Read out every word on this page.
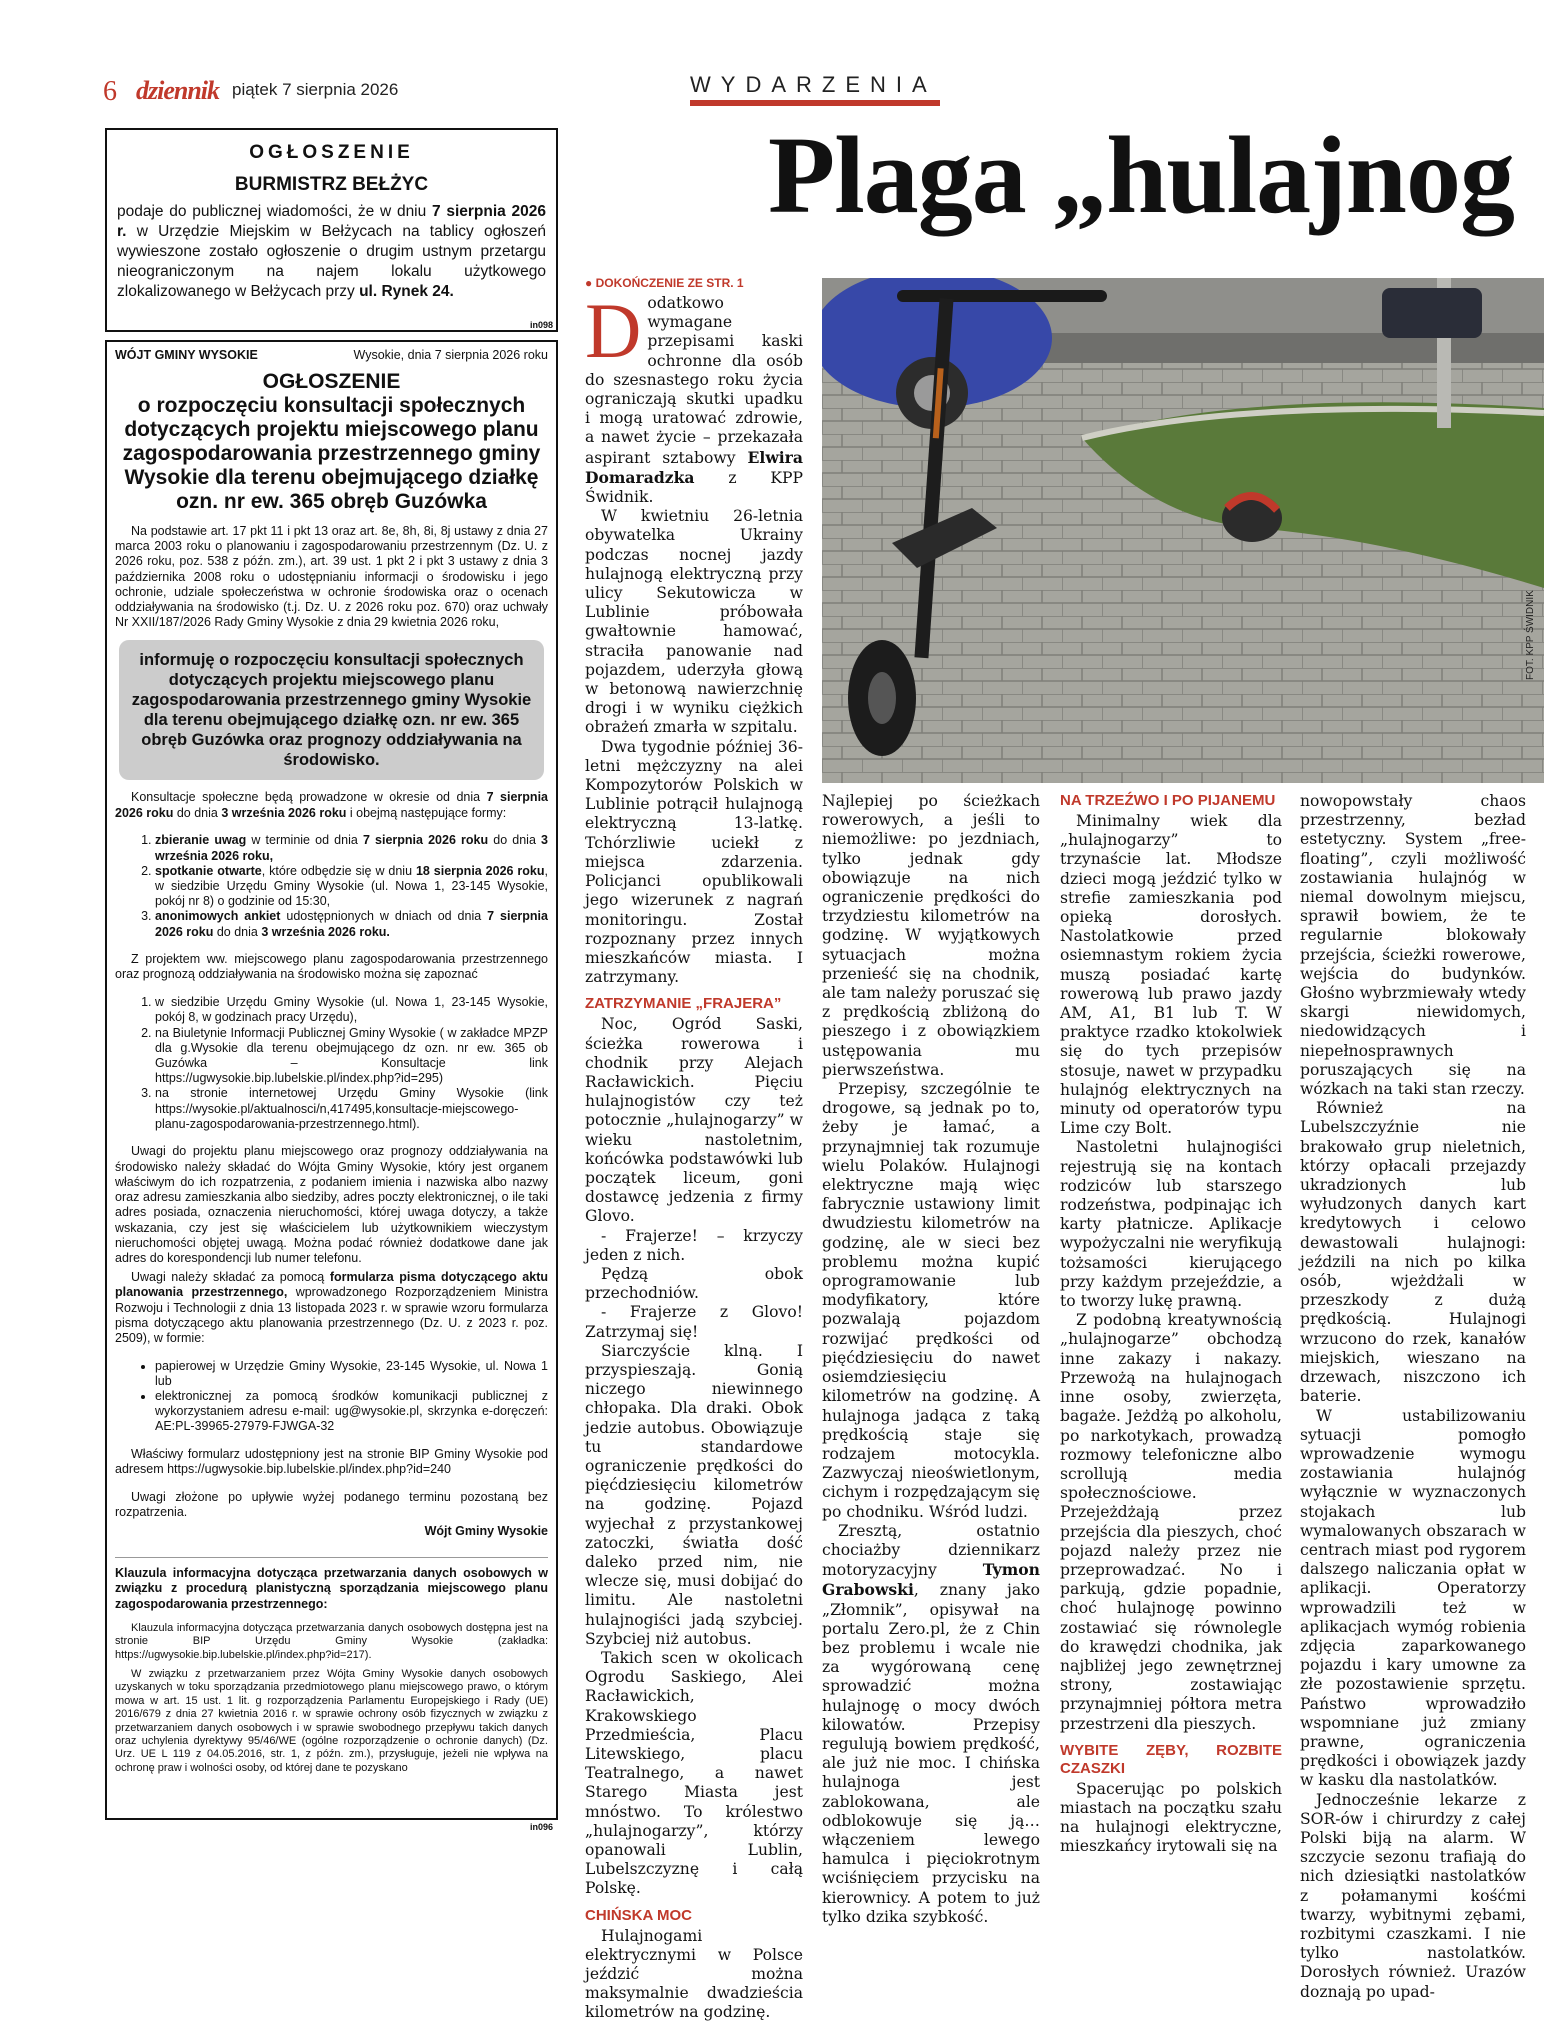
6 dziennik piątek 7 sierpnia 2026	WYDARZENIA
Plaga „hulajnog
OGŁOSZENIE
BURMISTRZ BEŁŻYC
podaje do publicznej wiadomości, że w dniu 7 sierpnia 2026 r. w Urzędzie Miejskim w Bełżycach na tablicy ogłoszeń wywieszone zostało ogłoszenie o drugim ustnym przetargu nieograniczonym na najem lokalu użytkowego zlokalizowanego w Bełżycach przy ul. Rynek 24.
in098
WÓJT GMINY WYSOKIE	Wysokie, dnia 7 sierpnia 2026 roku
OGŁOSZENIE
o rozpoczęciu konsultacji społecznych dotyczących projektu miejscowego planu zagospodarowania przestrzennego gminy Wysokie dla terenu obejmującego działkę ozn. nr ew. 365 obręb Guzówka

Na podstawie art. 17 pkt 11 i pkt 13 oraz art. 8e, 8h, 8i, 8j ustawy z dnia 27 marca 2003 roku o planowaniu i zagospodarowaniu przestrzennym (Dz. U. z 2026 roku, poz. 538 z późn. zm.), art. 39 ust. 1 pkt 2 i pkt 3 ustawy z dnia 3 października 2008 roku o udostępnianiu informacji o środowisku i jego ochronie, udziale społeczeństwa w ochronie środowiska oraz o ocenach oddziaływania na środowisko (t.j. Dz. U. z 2026 roku poz. 670) oraz uchwały Nr XXII/187/2026 Rady Gminy Wysokie z dnia 29 kwietnia 2026 roku,

informuję o rozpoczęciu konsultacji społecznych dotyczących projektu miejscowego planu zagospodarowania przestrzennego gminy Wysokie dla terenu obejmującego działkę ozn. nr ew. 365 obręb Guzówka oraz prognozy oddziaływania na środowisko.

Konsultacje społeczne będą prowadzone w okresie od dnia 7 sierpnia 2026 roku do dnia 3 września 2026 roku i obejmą następujące formy:

1. zbieranie uwag w terminie od dnia 7 sierpnia 2026 roku do dnia 3 września 2026 roku,
2. spotkanie otwarte, które odbędzie się w dniu 18 sierpnia 2026 roku, w siedzibie Urzędu Gminy Wysokie (ul. Nowa 1, 23-145 Wysokie, pokój nr 8) o godzinie od 15:30,
3. anonimowych ankiet udostępnionych w dniach od dnia 7 sierpnia 2026 roku do dnia 3 września 2026 roku.

Z projektem ww. miejscowego planu zagospodarowania przestrzennego oraz prognozą oddziaływania na środowisko można się zapoznać

1. w siedzibie Urzędu Gminy Wysokie (ul. Nowa 1, 23-145 Wysokie, pokój 8, w godzinach pracy Urzędu),
2. na Biuletynie Informacji Publicznej Gminy Wysokie ( w zakładce MPZP dla g.Wysokie dla terenu obejmującego dz ozn. nr ew. 365 ob Guzówka – Konsultacje link https://ugwysokie.bip.lubelskie.pl/index.php?id=295)
3. na stronie internetowej Urzędu Gminy Wysokie (link https://wysokie.pl/aktualnosci/n,417495,konsultacje-miejscowego-planu-zagospodarowania-przestrzennego.html).

Uwagi do projektu planu miejscowego oraz prognozy oddziaływania na środowisko należy składać do Wójta Gminy Wysokie, który jest organem właściwym do ich rozpatrzenia, z podaniem imienia i nazwiska albo nazwy oraz adresu zamieszkania albo siedziby, adres poczty elektronicznej, o ile taki adres posiada, oznaczenia nieruchomości, której uwaga dotyczy, a także wskazania, czy jest się właścicielem lub użytkownikiem wieczystym nieruchomości objętej uwagą. Można podać również dodatkowe dane jak adres do korespondencji lub numer telefonu.

Uwagi należy składać za pomocą formularza pisma dotyczącego aktu planowania przestrzennego, wprowadzonego Rozporządzeniem Ministra Rozwoju i Technologii z dnia 13 listopada 2023 r. w sprawie wzoru formularza pisma dotyczącego aktu planowania przestrzennego (Dz. U. z 2023 r. poz. 2509), w formie:

• papierowej w Urzędzie Gminy Wysokie, 23-145 Wysokie, ul. Nowa 1 lub
• elektronicznej za pomocą środków komunikacji publicznej z wykorzystaniem adresu e-mail: ug@wysokie.pl, skrzynka e-doręczeń: AE:PL-39965-27979-FJWGA-32

Właściwy formularz udostępniony jest na stronie BIP Gminy Wysokie pod adresem https://ugwysokie.bip.lubelskie.pl/index.php?id=240

Uwagi złożone po upływie wyżej podanego terminu pozostaną bez rozpatrzenia.

Wójt Gminy Wysokie

Klauzula informacyjna dotycząca przetwarzania danych osobowych w związku z procedurą planistyczną sporządzania miejscowego planu zagospodarowania przestrzennego:

Klauzula informacyjna dotycząca przetwarzania danych osobowych dostępna jest na stronie BIP Urzędu Gminy Wysokie (zakładka: https://ugwysokie.bip.lubelskie.pl/index.php?id=217).

W związku z przetwarzaniem przez Wójta Gminy Wysokie danych osobowych uzyskanych w toku sporządzania przedmiotowego planu miejscowego prawo, o którym mowa w art. 15 ust. 1 lit. g rozporządzenia Parlamentu Europejskiego i Rady (UE) 2016/679 z dnia 27 kwietnia 2016 r. w sprawie ochrony osób fizycznych w związku z przetwarzaniem danych osobowych i w sprawie swobodnego przepływu takich danych oraz uchylenia dyrektywy 95/46/WE (ogólne rozporządzenie o ochronie danych) (Dz. Urz. UE L 119 z 04.05.2016, str. 1, z późn. zm.), przysługuje, jeżeli nie wpływa na ochronę praw i wolności osoby, od której dane te pozyskano

in096
FOT. KPP ŚWIDNIK
● DOKOŃCZENIE ZE STR. 1

Dodatkowo wymagane przepisami kaski ochronne dla osób do szesnastego roku życia ograniczają skutki upadku i mogą uratować zdrowie, a nawet życie – przekazała aspirant sztabowy Elwira Domaradzka z KPP Świdnik.

W kwietniu 26-letnia obywatelka Ukrainy podczas nocnej jazdy hulajnogą elektryczną przy ulicy Sekutowicza w Lublinie próbowała gwałtownie hamować, straciła panowanie nad pojazdem, uderzyła głową w betonową nawierzchnię drogi i w wyniku ciężkich obrażeń zmarła w szpitalu.

Dwa tygodnie później 36-letni mężczyzny na alei Kompozytorów Polskich w Lublinie potrącił hulajnogą elektryczną 13-latkę. Tchórzliwie uciekł z miejsca zdarzenia. Policjanci opublikowali jego wizerunek z nagrań monitoringu. Został rozpoznany przez innych mieszkańców miasta. I zatrzymany.

ZATRZYMANIE „FRAJERA”

Noc, Ogród Saski, ścieżka rowerowa i chodnik przy Alejach Racławickich. Pięciu hulajnogistów czy też potocznie „hulajnogarzy” w wieku nastoletnim, końcówka podstawówki lub początek liceum, goni dostawcę jedzenia z firmy Glovo.

- Frajerze! – krzyczy jeden z nich.

Pędzą obok przechodniów.

- Frajerze z Glovo! Zatrzymaj się!

Siarczyście klną. I przyspieszają. Gonią niczego niewinnego chłopaka. Dla draki. Obok jedzie autobus. Obowiązuje tu standardowe ograniczenie prędkości do pięćdziesięciu kilometrów na godzinę. Pojazd wyjechał z przystankowej zatoczki, światła dość daleko przed nim, nie wlecze się, musi dobijać do limitu. Ale nastoletni hulajnogiści jadą szybciej. Szybciej niż autobus.

Takich scen w okolicach Ogrodu Saskiego, Alei Racławickich, Krakowskiego Przedmieścia, Placu Litewskiego, placu Teatralnego, a nawet Starego Miasta jest mnóstwo. To królestwo „hulajnogarzy”, którzy opanowali Lublin, Lubelszczyznę i całą Polskę.

CHIŃSKA MOC

Hulajnogami elektrycznymi w Polsce jeździć można maksymalnie dwadzieścia kilometrów na godzinę.

Najlepiej po ścieżkach rowerowych, a jeśli to niemożliwe: po jezdniach, tylko jednak gdy obowiązuje na nich ograniczenie prędkości do trzydziestu kilometrów na godzinę. W wyjątkowych sytuacjach można przenieść się na chodnik, ale tam należy poruszać się z prędkością zbliżoną do pieszego i z obowiązkiem ustępowania mu pierwszeństwa.

Przepisy, szczególnie te drogowe, są jednak po to, żeby je łamać, a przynajmniej tak rozumuje wielu Polaków. Hulajnogi elektryczne mają więc fabrycznie ustawiony limit dwudziestu kilometrów na godzinę, ale w sieci bez problemu można kupić oprogramowanie lub modyfikatory, które pozwalają pojazdom rozwijać prędkości od pięćdziesięciu do nawet osiemdziesięciu kilometrów na godzinę. A hulajnoga jadąca z taką prędkością staje się rodzajem motocykla. Zazwyczaj nieoświetlonym, cichym i rozpędzającym się po chodniku. Wśród ludzi.

Zresztą, ostatnio chociażby dziennikarz motoryzacyjny Tymon Grabowski, znany jako „Złomnik”, opisywał na portalu Zero.pl, że z Chin bez problemu i wcale nie za wygórowaną cenę sprowadzić można hulajnogę o mocy dwóch kilowatów. Przepisy regulują bowiem prędkość, ale już nie moc. I chińska hulajnoga jest zablokowana, ale odblokowuje się ją… włączeniem lewego hamulca i pięciokrotnym wciśnięciem przycisku na kierownicy. A potem to już tylko dzika szybkość.

NA TRZEŹWO I PO PIJANEMU

Minimalny wiek dla „hulajnogarzy” to trzynaście lat. Młodsze dzieci mogą jeździć tylko w strefie zamieszkania pod opieką dorosłych. Nastolatkowie przed osiemnastym rokiem życia muszą posiadać kartę rowerową lub prawo jazdy AM, A1, B1 lub T. W praktyce rzadko ktokolwiek się do tych przepisów stosuje, nawet w przypadku hulajnóg elektrycznych na minuty od operatorów typu Lime czy Bolt.

Nastoletni hulajnogiści rejestrują się na kontach rodziców lub starszego rodzeństwa, podpinając ich karty płatnicze. Aplikacje wypożyczalni nie weryfikują tożsamości kierującego przy każdym przejeździe, a to tworzy lukę prawną.

Z podobną kreatywnością „hulajnogarze” obchodzą inne zakazy i nakazy. Przewożą na hulajnogach inne osoby, zwierzęta, bagaże. Jeżdżą po alkoholu, po narkotykach, prowadzą rozmowy telefoniczne albo scrollują media społecznościowe. Przejeżdżają przez przejścia dla pieszych, choć pojazd należy przez nie przeprowadzać. No i parkują, gdzie popadnie, choć hulajnogę powinno zostawiać się równolegle do krawędzi chodnika, jak najbliżej jego zewnętrznej strony, zostawiając przynajmniej półtora metra przestrzeni dla pieszych.

WYBITE ZĘBY, ROZBITE CZASZKI

Spacerując po polskich miastach na początku szału na hulajnogi elektryczne, mieszkańcy irytowali się na

nowopowstały chaos przestrzenny, bezład estetyczny. System „free-floating”, czyli możliwość zostawiania hulajnóg w niemal dowolnym miejscu, sprawił bowiem, że te regularnie blokowały przejścia, ścieżki rowerowe, wejścia do budynków. Głośno wybrzmiewały wtedy skargi niewidomych, niedowidzących i niepełnosprawnych poruszających się na wózkach na taki stan rzeczy.

Również na Lubelszczyźnie nie brakowało grup nieletnich, którzy opłacali przejazdy ukradzionych lub wyłudzonych danych kart kredytowych i celowo dewastowali hulajnogi: jeździli na nich po kilka osób, wjeżdżali w przeszkody z dużą prędkością. Hulajnogi wrzucono do rzek, kanałów miejskich, wieszano na drzewach, niszczono ich baterie.

W ustabilizowaniu sytuacji pomogło wprowadzenie wymogu zostawiania hulajnóg wyłącznie w wyznaczonych stojakach lub wymalowanych obszarach w centrach miast pod rygorem dalszego naliczania opłat w aplikacji. Operatorzy wprowadzili też w aplikacjach wymóg robienia zdjęcia zaparkowanego pojazdu i kary umowne za złe pozostawienie sprzętu. Państwo wprowadziło wspomniane już zmiany prawne, ograniczenia prędkości i obowiązek jazdy w kasku dla nastolatków.

Jednocześnie lekarze z SOR-ów i chirurdzy z całej Polski biją na alarm. W szczycie sezonu trafiają do nich dziesiątki nastolatków z połamanymi kośćmi twarzy, wybitnymi zębami, rozbitymi czaszkami. I nie tylko nastolatków. Dorosłych również. Urazów doznają po upad-
